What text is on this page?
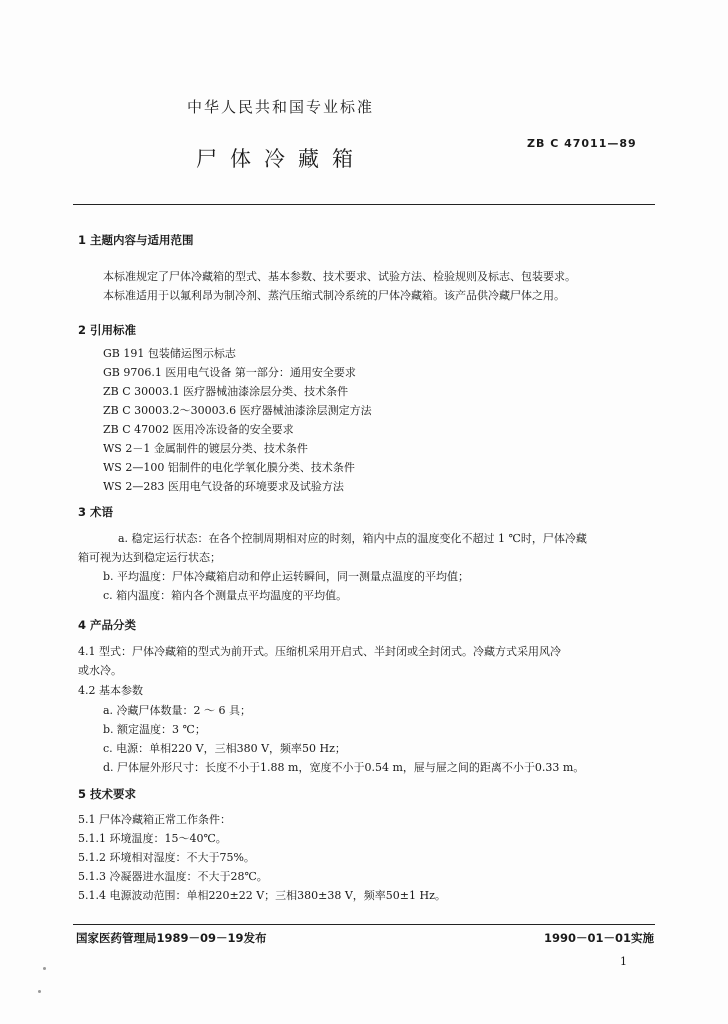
中华人民共和国专业标准
尸体冷藏箱
ZB C 47011—89
1 主题内容与适用范围
本标准规定了尸体冷藏箱的型式、基本参数、技术要求、试验方法、检验规则及标志、包装要求。
本标准适用于以氟利昂为制冷剂、蒸汽压缩式制冷系统的尸体冷藏箱。该产品供冷藏尸体之用。
2 引用标准
GB 191 包装储运图示标志
GB 9706.1 医用电气设备 第一部分：通用安全要求
ZB C 30003.1 医疗器械油漆涂层分类、技术条件
ZB C 30003.2～30003.6 医疗器械油漆涂层测定方法
ZB C 47002 医用冷冻设备的安全要求
WS 2－1 金属制件的镀层分类、技术条件
WS 2—100 铝制件的电化学氧化膜分类、技术条件
WS 2—283 医用电气设备的环境要求及试验方法
3 术语
a. 稳定运行状态：在各个控制周期相对应的时刻，箱内中点的温度变化不超过 1 ℃时，尸体冷藏
箱可视为达到稳定运行状态；
b. 平均温度：尸体冷藏箱启动和停止运转瞬间，同一测量点温度的平均值；
c. 箱内温度：箱内各个测量点平均温度的平均值。
4 产品分类
4.1 型式：尸体冷藏箱的型式为前开式。压缩机采用开启式、半封闭或全封闭式。冷藏方式采用风冷
或水冷。
4.2 基本参数
a. 冷藏尸体数量：2 ～ 6 具；
b. 额定温度：3 ℃；
c. 电源：单相220 V，三相380 V，频率50 Hz；
d. 尸体屉外形尺寸：长度不小于1.88 m，宽度不小于0.54 m，屉与屉之间的距离不小于0.33 m。
5 技术要求
5.1 尸体冷藏箱正常工作条件：
5.1.1 环境温度：15～40℃。
5.1.2 环境相对湿度：不大于75%。
5.1.3 冷凝器进水温度：不大于28℃。
5.1.4 电源波动范围：单相220±22 V；三相380±38 V，频率50±1 Hz。
国家医药管理局1989－09－19发布	1990－01－01实施
1
